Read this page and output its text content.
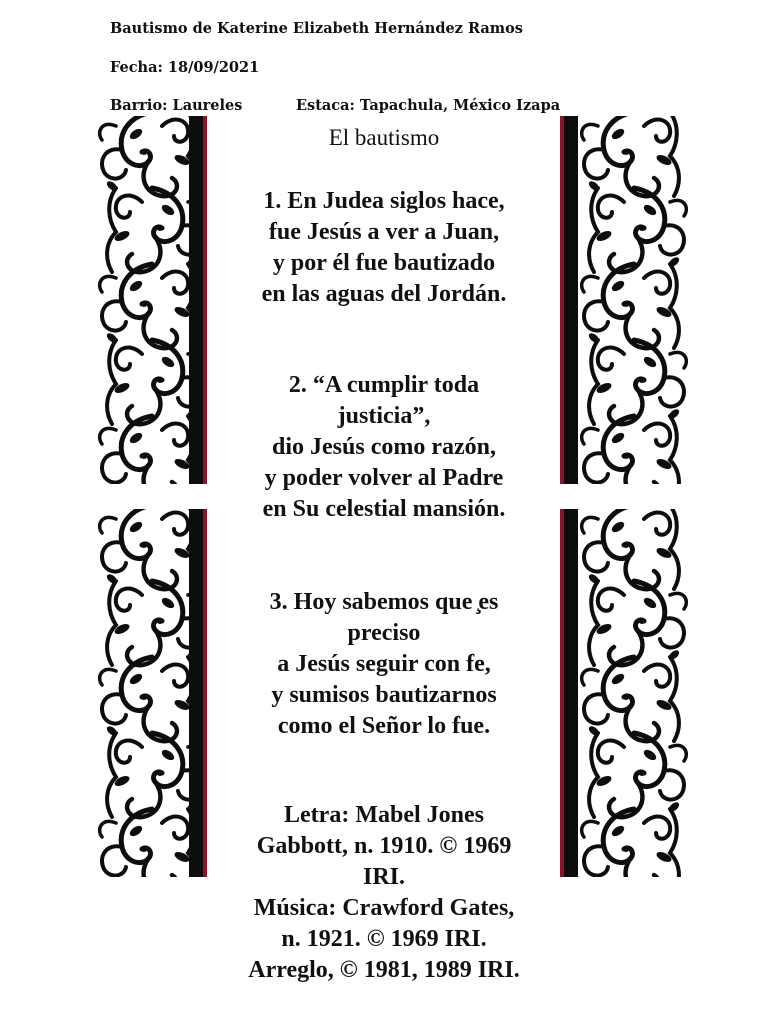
Bautismo de Katerine Elizabeth Hernández Ramos
Fecha: 18/09/2021
Barrio: Laureles	Estaca: Tapachula, México Izapa
El bautismo
1. En Judea siglos hace,
fue Jesús a ver a Juan,
y por él fue bautizado
en las aguas del Jordán.
2. “A cumplir toda
justicia”,
dio Jesús como razón,
y poder volver al Padre
en Su celestial mansión.
3. Hoy sabemos que ̧es
preciso
a Jesús seguir con fe,
y sumisos bautizarnos
como el Señor lo fue.
Letra: Mabel Jones
Gabbott, n. 1910. © 1969
IRI.
Música: Crawford Gates,
n. 1921. © 1969 IRI.
Arreglo, © 1981, 1989 IRI.
